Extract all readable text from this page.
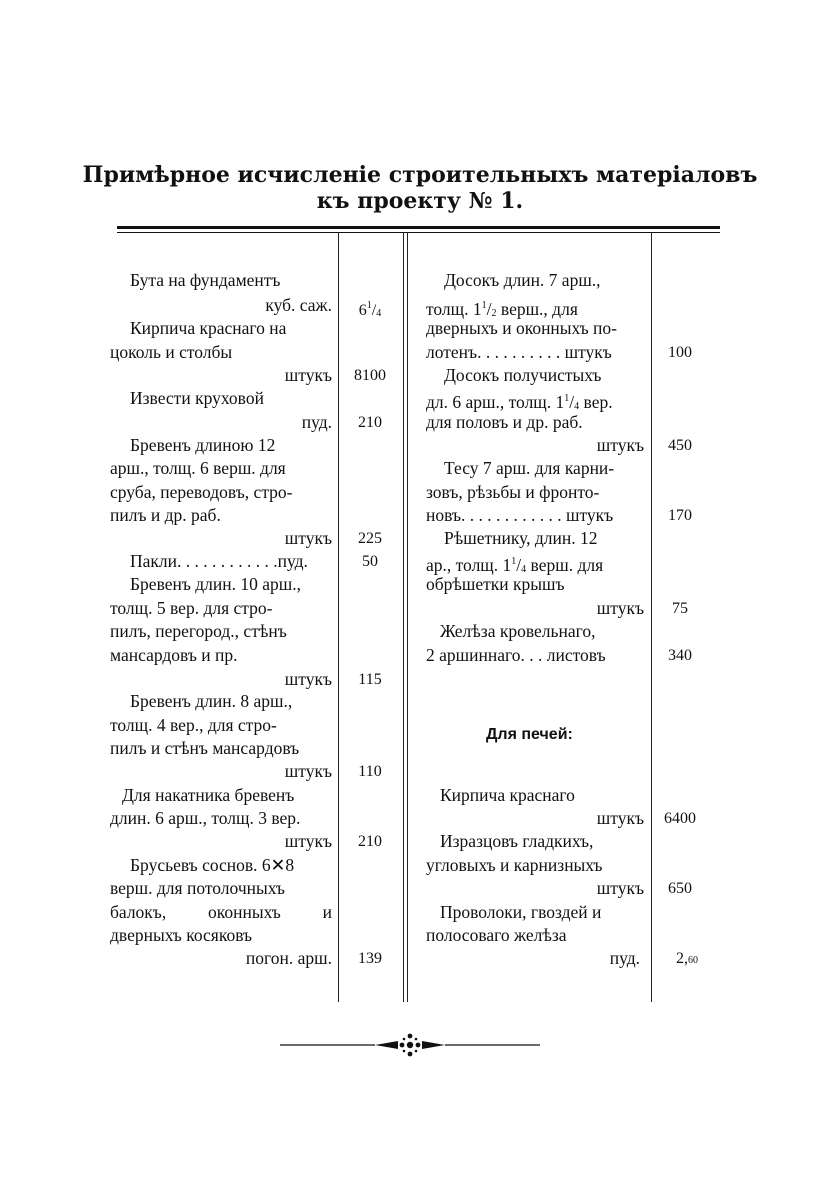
Примѣрное исчисленіе строительныхъ матеріаловъ
къ проекту № 1.
Бута на фундаментъ
куб. саж.
Кирпича краснаго на
цоколь и столбы
штукъ
Извести круховой
пуд.
Бревенъ длиною 12
арш., толщ. 6 верш. для
сруба, переводовъ, стро-
пилъ и др. раб.
штукъ
Пакли. . . . . . . . . . . .пуд.
Бревенъ длин. 10 арш.,
толщ. 5 вер. для стро-
пилъ, перегород., стѣнъ
мансардовъ и пр.
штукъ
Бревенъ длин. 8 арш.,
толщ. 4 вер., для стро-
пилъ и стѣнъ мансардовъ
штукъ
Для накатника бревенъ
длин. 6 арш., толщ. 3 вер.
штукъ
Брусьевъ соснов. 6✕8
верш. для потолочныхъ
балокъ, оконныхъ и
дверныхъ косяковъ
погон. арш.
$6^1/_4$
8100
210
225
50
115
110
210
139
Досокъ длин. 7 арш.,
толщ. $1^1/_2$ верш., для
дверныхъ и оконныхъ по-
лотенъ. . . . . . . . . . штукъ
Досокъ получистыхъ
дл. 6 арш., толщ. $1^1/_4$ вер.
для половъ и др. раб.
штукъ
Тесу 7 арш. для карни-
зовъ, рѣзьбы и фронто-
новъ. . . . . . . . . . . . штукъ
Рѣшетнику, длин. 12
ар., толщ. $1^1/_4$ верш. для
обрѣшетки крышъ
штукъ
Желѣза кровельнаго,
2 аршиннаго. . . листовъ
Для печей:
Кирпича краснаго
штукъ
Изразцовъ гладкихъ,
угловыхъ и карнизныхъ
штукъ
Проволоки, гвоздей и
полосоваго желѣза
пуд.
100
450
170
75
340
6400
650
2,60
